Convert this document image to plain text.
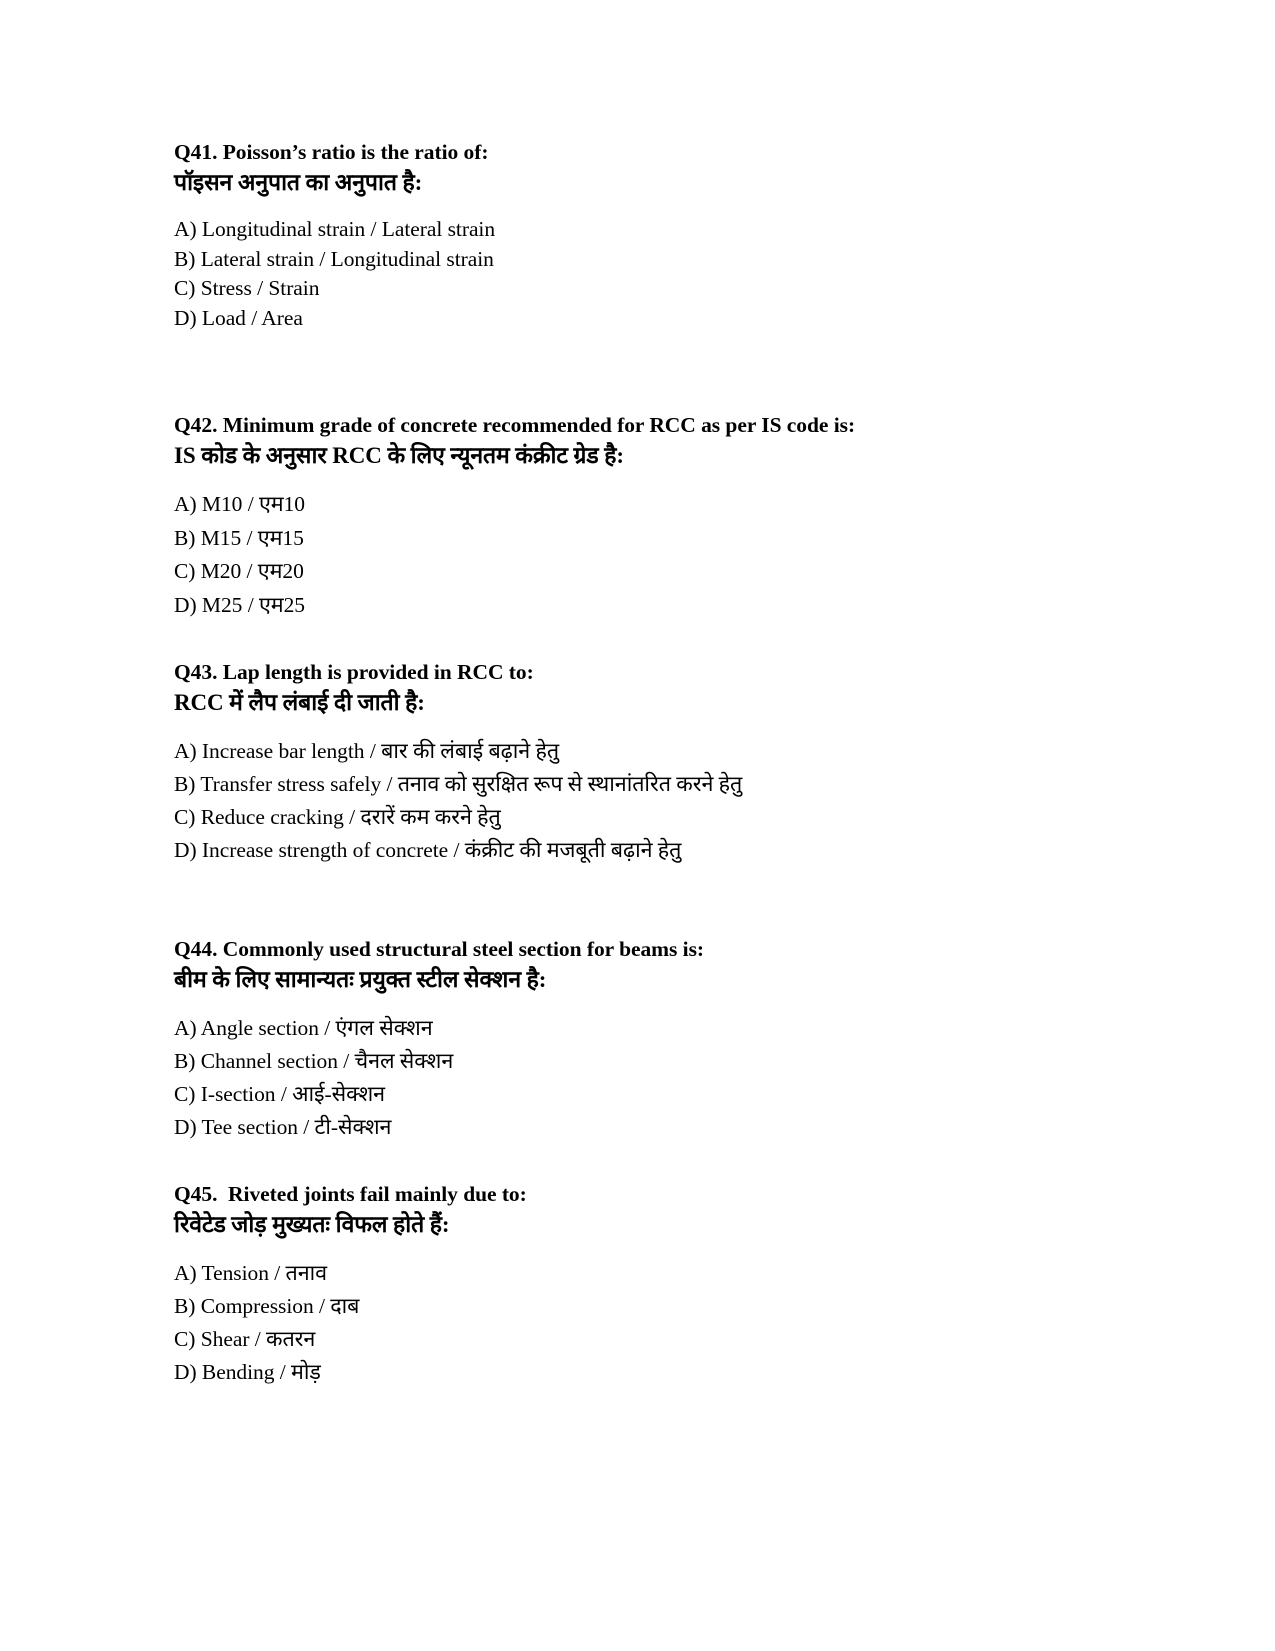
Q41. Poisson’s ratio is the ratio of:
पॉइसन अनुपात का अनुपात है:
A) Longitudinal strain / Lateral strain
B) Lateral strain / Longitudinal strain
C) Stress / Strain
D) Load / Area
Q42. Minimum grade of concrete recommended for RCC as per IS code is:
IS कोड के अनुसार RCC के लिए न्यूनतम कंक्रीट ग्रेड है:
A) M10 / एम10
B) M15 / एम15
C) M20 / एम20
D) M25 / एम25
Q43. Lap length is provided in RCC to:
RCC में लैप लंबाई दी जाती है:
A) Increase bar length / बार की लंबाई बढ़ाने हेतु
B) Transfer stress safely / तनाव को सुरक्षित रूप से स्थानांतरित करने हेतु
C) Reduce cracking / दरारें कम करने हेतु
D) Increase strength of concrete / कंक्रीट की मजबूती बढ़ाने हेतु
Q44. Commonly used structural steel section for beams is:
बीम के लिए सामान्यतः प्रयुक्त स्टील सेक्शन है:
A) Angle section / एंगल सेक्शन
B) Channel section / चैनल सेक्शन
C) I-section / आई-सेक्शन
D) Tee section / टी-सेक्शन
Q45.  Riveted joints fail mainly due to:
रिवेटेड जोड़ मुख्यतः विफल होते हैं:
A) Tension / तनाव
B) Compression / दाब
C) Shear / कतरन
D) Bending / मोड़
